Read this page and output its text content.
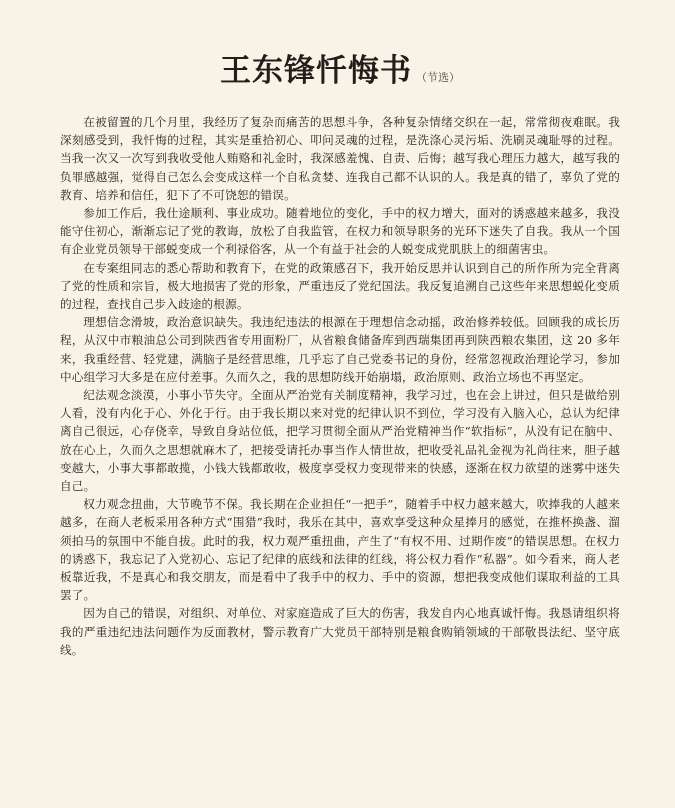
王东锋忏悔书 （节选）

在被留置的几个月里，我经历了复杂而痛苦的思想斗争，各种复杂情绪交织在一起，常常彻夜难眠。我深刻感受到，我忏悔的过程，其实是重拾初心、叩问灵魂的过程，是洗涤心灵污垢、洗刷灵魂耻辱的过程。当我一次又一次写到我收受他人贿赂和礼金时，我深感羞愧、自责、后悔；越写我心理压力越大，越写我的负罪感越强，觉得自己怎么会变成这样一个自私贪婪、连我自己都不认识的人。我是真的错了，辜负了党的教育、培养和信任，犯下了不可饶恕的错误。

参加工作后，我仕途顺利、事业成功。随着地位的变化，手中的权力增大，面对的诱惑越来越多，我没能守住初心，渐渐忘记了党的教诲，放松了自我监管，在权力和领导职务的光环下迷失了自我。我从一个国有企业党员领导干部蜕变成一个利禄俗客，从一个有益于社会的人蜕变成党肌肤上的细菌害虫。

在专案组同志的悉心帮助和教育下，在党的政策感召下，我开始反思并认识到自己的所作所为完全背离了党的性质和宗旨，极大地损害了党的形象，严重违反了党纪国法。我反复追溯自己这些年来思想蜕化变质的过程，查找自己步入歧途的根源。

理想信念滑坡，政治意识缺失。我违纪违法的根源在于理想信念动摇，政治修养较低。回顾我的成长历程，从汉中市粮油总公司到陕西省专用面粉厂，从省粮食储备库到西瑞集团再到陕西粮农集团，这 20 多年来，我重经营、轻党建，满脑子是经营思维，几乎忘了自己党委书记的身份，经常忽视政治理论学习，参加中心组学习大多是在应付差事。久而久之，我的思想防线开始崩塌，政治原则、政治立场也不再坚定。

纪法观念淡漠，小事小节失守。全面从严治党有关制度精神，我学习过，也在会上讲过，但只是做给别人看，没有内化于心、外化于行。由于我长期以来对党的纪律认识不到位，学习没有入脑入心，总认为纪律离自己很远，心存侥幸，导致自身站位低，把学习贯彻全面从严治党精神当作“软指标”，从没有记在脑中、放在心上，久而久之思想就麻木了，把接受请托办事当作人情世故，把收受礼品礼金视为礼尚往来，胆子越变越大，小事大事都敢揽，小钱大钱都敢收，极度享受权力变现带来的快感，逐渐在权力欲望的迷雾中迷失自己。

权力观念扭曲，大节晚节不保。我长期在企业担任“一把手”，随着手中权力越来越大，吹捧我的人越来越多，在商人老板采用各种方式“围猎”我时，我乐在其中，喜欢享受这种众星捧月的感觉，在推杯换盏、溜须拍马的氛围中不能自拔。此时的我，权力观严重扭曲，产生了“有权不用、过期作废”的错误思想。在权力的诱惑下，我忘记了入党初心、忘记了纪律的底线和法律的红线，将公权力看作“私器”。如今看来，商人老板靠近我，不是真心和我交朋友，而是看中了我手中的权力、手中的资源，想把我变成他们谋取利益的工具罢了。

因为自己的错误，对组织、对单位、对家庭造成了巨大的伤害，我发自内心地真诚忏悔。我恳请组织将我的严重违纪违法问题作为反面教材，警示教育广大党员干部特别是粮食购销领域的干部敬畏法纪、坚守底线。
